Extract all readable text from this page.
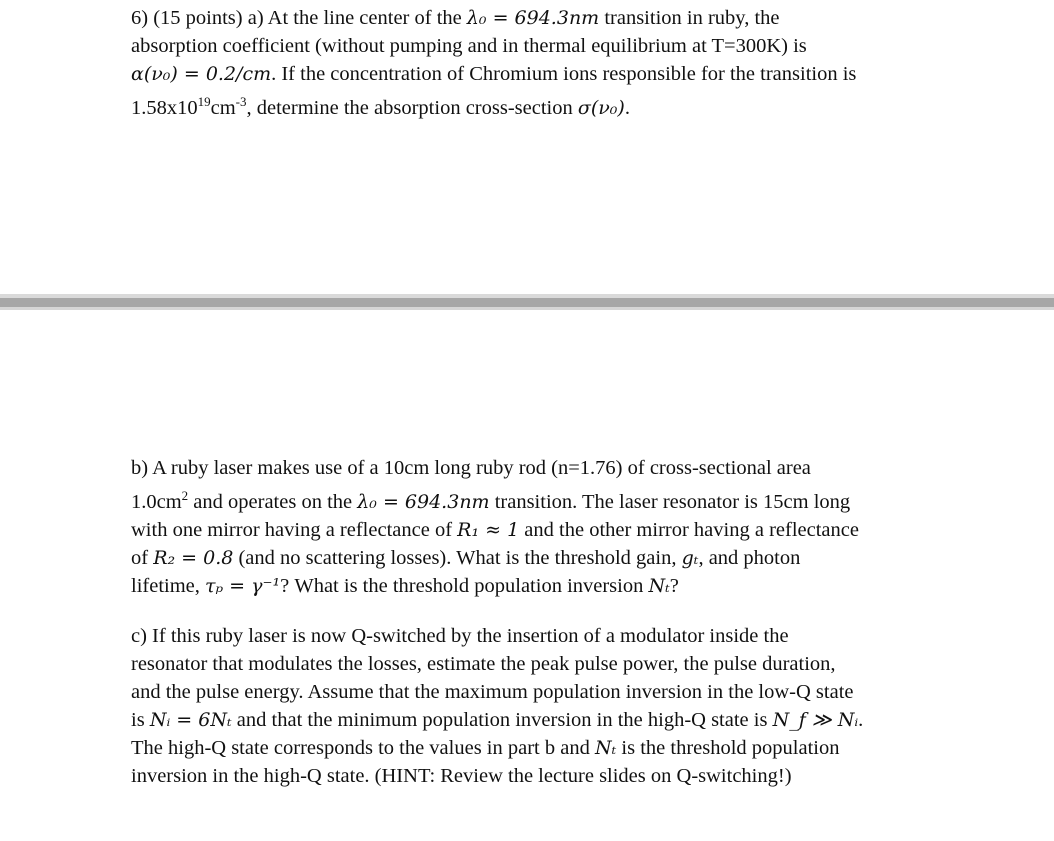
6) (15 points) a) At the line center of the λ₀ = 694.3nm transition in ruby, the
absorption coefficient (without pumping and in thermal equilibrium at T=300K) is
α(ν₀) = 0.2/cm. If the concentration of Chromium ions responsible for the transition is
$1.58x10^{19}cm^{-3}$, determine the absorption cross-section σ(ν₀).
b) A ruby laser makes use of a 10cm long ruby rod (n=1.76) of cross-sectional area
$1.0cm^2$ and operates on the λ₀ = 694.3nm transition. The laser resonator is 15cm long
with one mirror having a reflectance of R₁ ≈ 1 and the other mirror having a reflectance
of R₂ = 0.8 (and no scattering losses). What is the threshold gain, gₜ, and photon
lifetime, τₚ = γ⁻¹? What is the threshold population inversion Nₜ?
c) If this ruby laser is now Q-switched by the insertion of a modulator inside the
resonator that modulates the losses, estimate the peak pulse power, the pulse duration,
and the pulse energy. Assume that the maximum population inversion in the low-Q state
is Nᵢ = 6Nₜ and that the minimum population inversion in the high-Q state is N_f ≫ Nᵢ.
The high-Q state corresponds to the values in part b and Nₜ is the threshold population
inversion in the high-Q state. (HINT: Review the lecture slides on Q-switching!)
